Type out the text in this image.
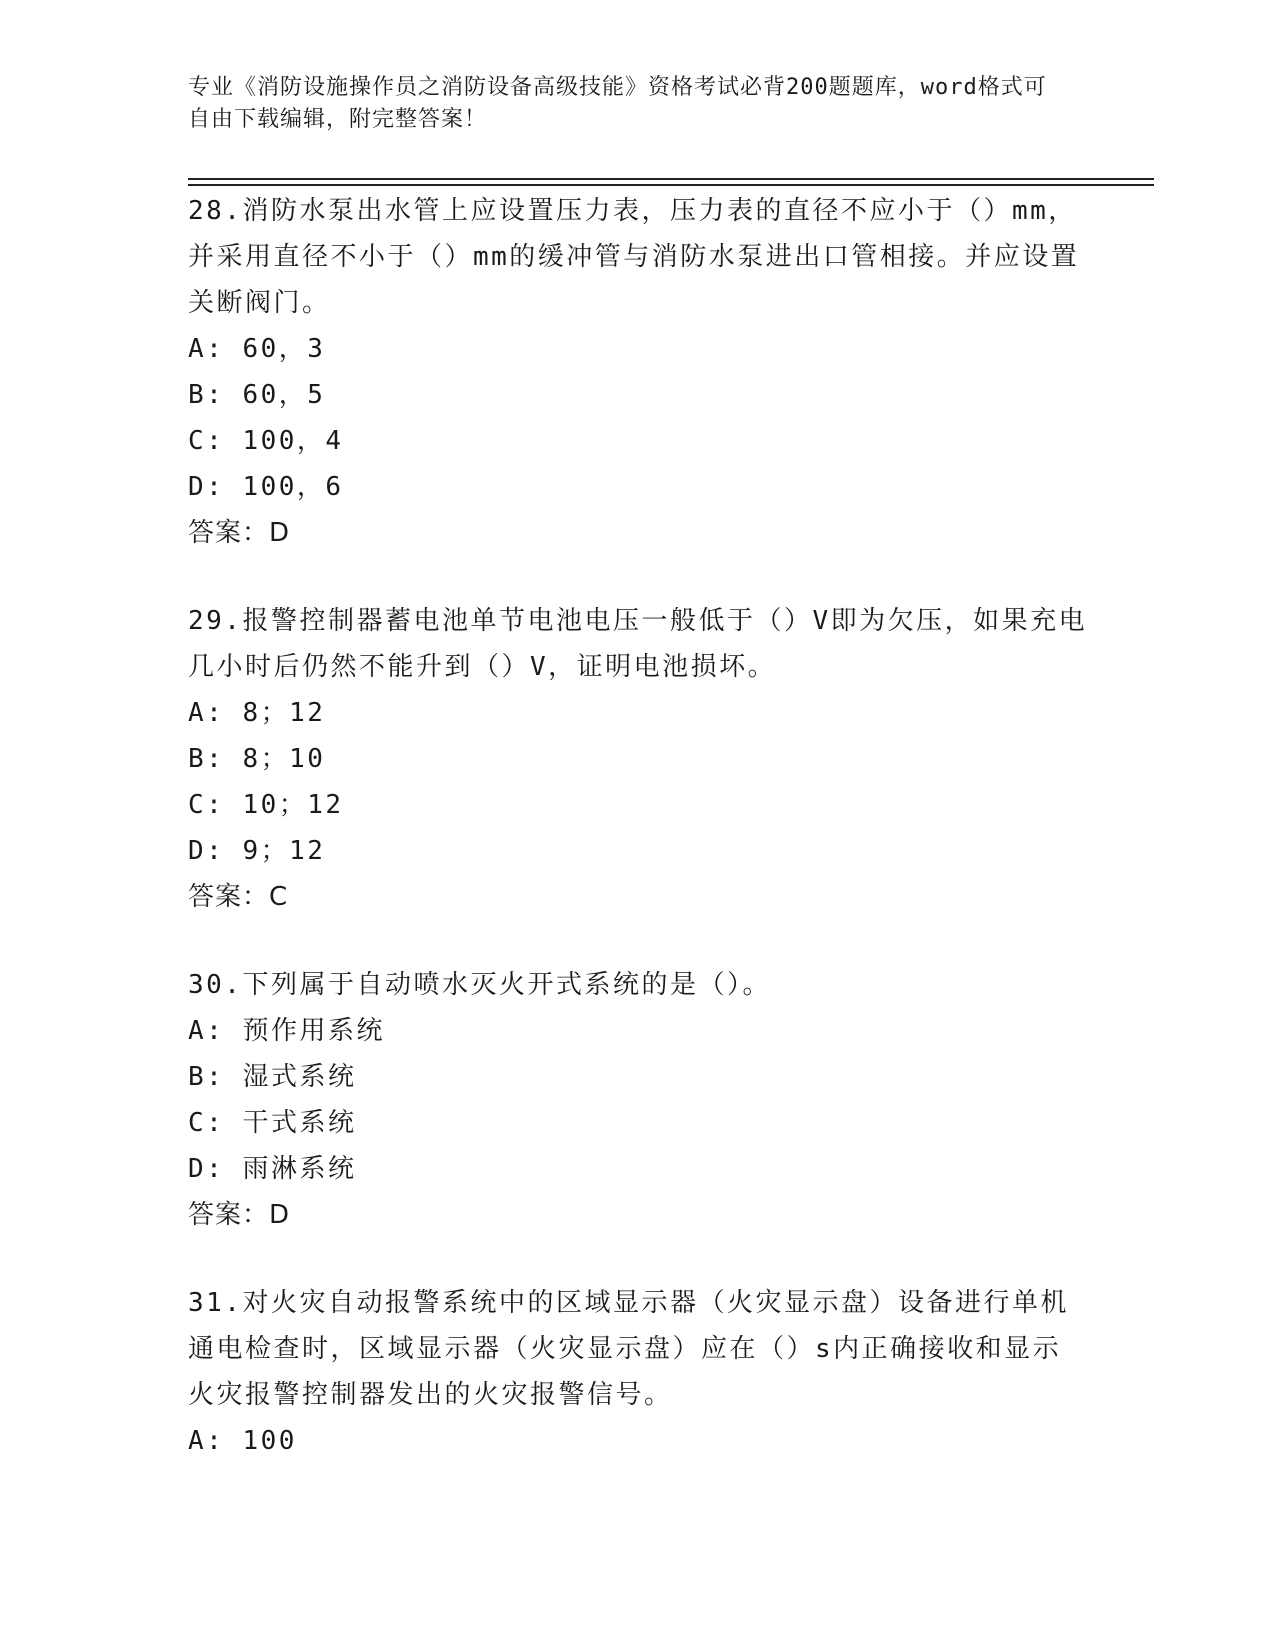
专业《消防设施操作员之消防设备高级技能》资格考试必背200题题库，word格式可自由下载编辑，附完整答案！

28.消防水泵出水管上应设置压力表，压力表的直径不应小于（）mm，并采用直径不小于（）mm的缓冲管与消防水泵进出口管相接。并应设置关断阀门。

A: 60，3
B: 60，5
C: 100，4
D: 100，6
答案：D

29.报警控制器蓄电池单节电池电压一般低于（）V即为欠压，如果充电几小时后仍然不能升到（）V，证明电池损坏。

A: 8；12
B: 8；10
C: 10；12
D: 9；12
答案：C

30.下列属于自动喷水灭火开式系统的是（）。

A: 预作用系统
B: 湿式系统
C: 干式系统
D: 雨淋系统
答案：D

31.对火灾自动报警系统中的区域显示器（火灾显示盘）设备进行单机通电检查时，区域显示器（火灾显示盘）应在（）s内正确接收和显示火灾报警控制器发出的火灾报警信号。

A: 100
